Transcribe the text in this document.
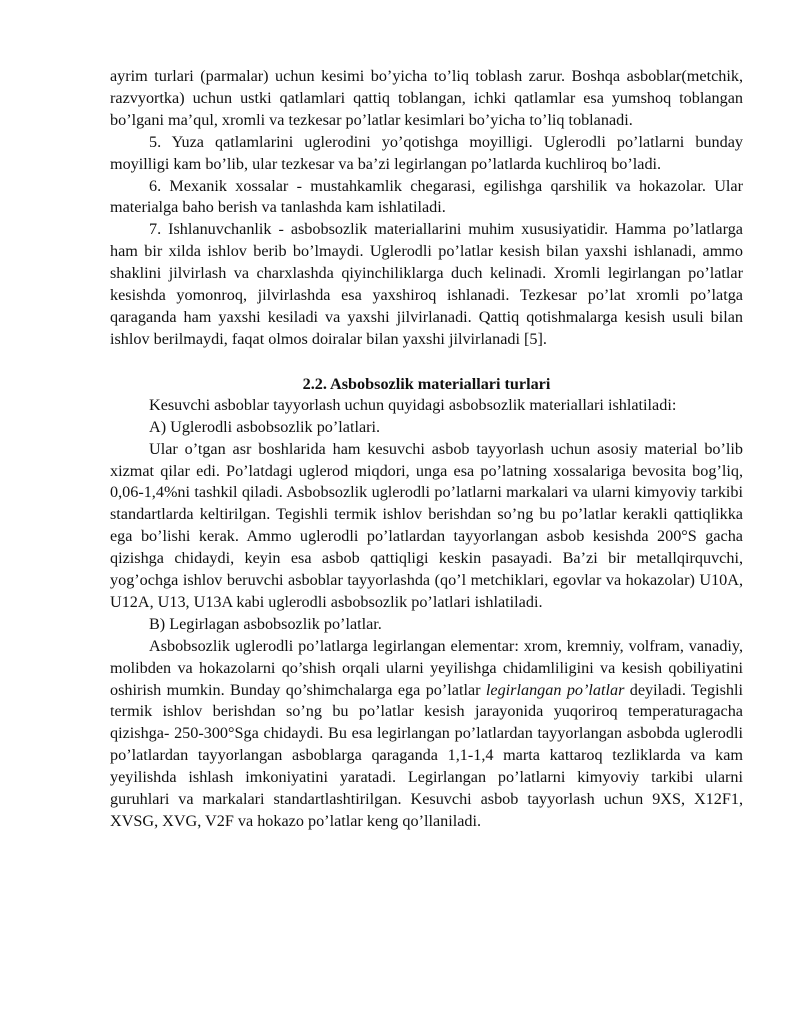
ayrim turlari (parmalar) uchun kesimi bo’yicha to’liq toblash zarur. Boshqa asboblar(metchik, razvyortka) uchun ustki qatlamlari qattiq toblangan, ichki qatlamlar esa yumshoq toblangan bo’lgani ma’qul, xromli va tezkesar po’latlar kesimlari bo’yicha to’liq toblanadi.

5. Yuza qatlamlarini uglerodini yo’qotishga moyilligi. Uglerodli po’latlarni bunday moyilligi kam bo’lib, ular tezkesar va ba’zi legirlangan po’latlarda kuchliroq bo’ladi.

6. Mexanik xossalar - mustahkamlik chegarasi, egilishga qarshilik va hokazolar. Ular materialga baho berish va tanlashda kam ishlatiladi.

7. Ishlanuvchanlik - asbobsozlik materiallarini muhim xususiyatidir. Hamma po’latlarga ham bir xilda ishlov berib bo’lmaydi. Uglerodli po’latlar kesish bilan yaxshi ishlanadi, ammo shaklini jilvirlash va charxlashda qiyinchiliklarga duch kelinadi. Xromli legirlangan po’latlar kesishda yomonroq, jilvirlashda esa yaxshiroq ishlanadi. Tezkesar po’lat xromli po’latga qaraganda ham yaxshi kesiladi va yaxshi jilvirlanadi. Qattiq qotishmalarga kesish usuli bilan ishlov berilmaydi, faqat olmos doiralar bilan yaxshi jilvirlanadi [5].

2.2. Asbobsozlik materiallari turlari

Kesuvchi asboblar tayyorlash uchun quyidagi asbobsozlik materiallari ishlatiladi:

A) Uglerodli asbobsozlik po’latlari.

Ular o’tgan asr boshlarida ham kesuvchi asbob tayyorlash uchun asosiy material bo’lib xizmat qilar edi. Po’latdagi uglerod miqdori, unga esa po’latning xossalariga bevosita bog’liq, 0,06-1,4%ni tashkil qiladi. Asbobsozlik uglerodli po’latlarni markalari va ularni kimyoviy tarkibi standartlarda keltirilgan. Tegishli termik ishlov berishdan so’ng bu po’latlar kerakli qattiqlikka ega bo’lishi kerak. Ammo uglerodli po’latlardan tayyorlangan asbob kesishda 200°S gacha qizishga chidaydi, keyin esa asbob qattiqligi keskin pasayadi. Ba’zi bir metallqirquvchi, yog’ochga ishlov beruvchi asboblar tayyorlashda (qo’l metchiklari, egovlar va hokazolar) U10A, U12A, U13, U13A kabi uglerodli asbobsozlik po’latlari ishlatiladi.

B) Legirlagan asbobsozlik po’latlar.

Asbobsozlik uglerodli po’latlarga legirlangan elementar: xrom, kremniy, volfram, vanadiy, molibden va hokazolarni qo’shish orqali ularni yeyilishga chidamliligini va kesish qobiliyatini oshirish mumkin. Bunday qo’shimchalarga ega po’latlar legirlangan po’latlar deyiladi. Tegishli termik ishlov berishdan so’ng bu po’latlar kesish jarayonida yuqoriroq temperaturagacha qizishga- 250-300°Sga chidaydi. Bu esa legirlangan po’latlardan tayyorlangan asbobda uglerodli po’latlardan tayyorlangan asboblarga qaraganda 1,1-1,4 marta kattaroq tezliklarda va kam yeyilishda ishlash imkoniyatini yaratadi. Legirlangan po’latlarni kimyoviy tarkibi ularni guruhlari va markalari standartlashtirilgan. Kesuvchi asbob tayyorlash uchun 9XS, X12F1, XVSG, XVG, V2F va hokazo po’latlar keng qo’llaniladi.
